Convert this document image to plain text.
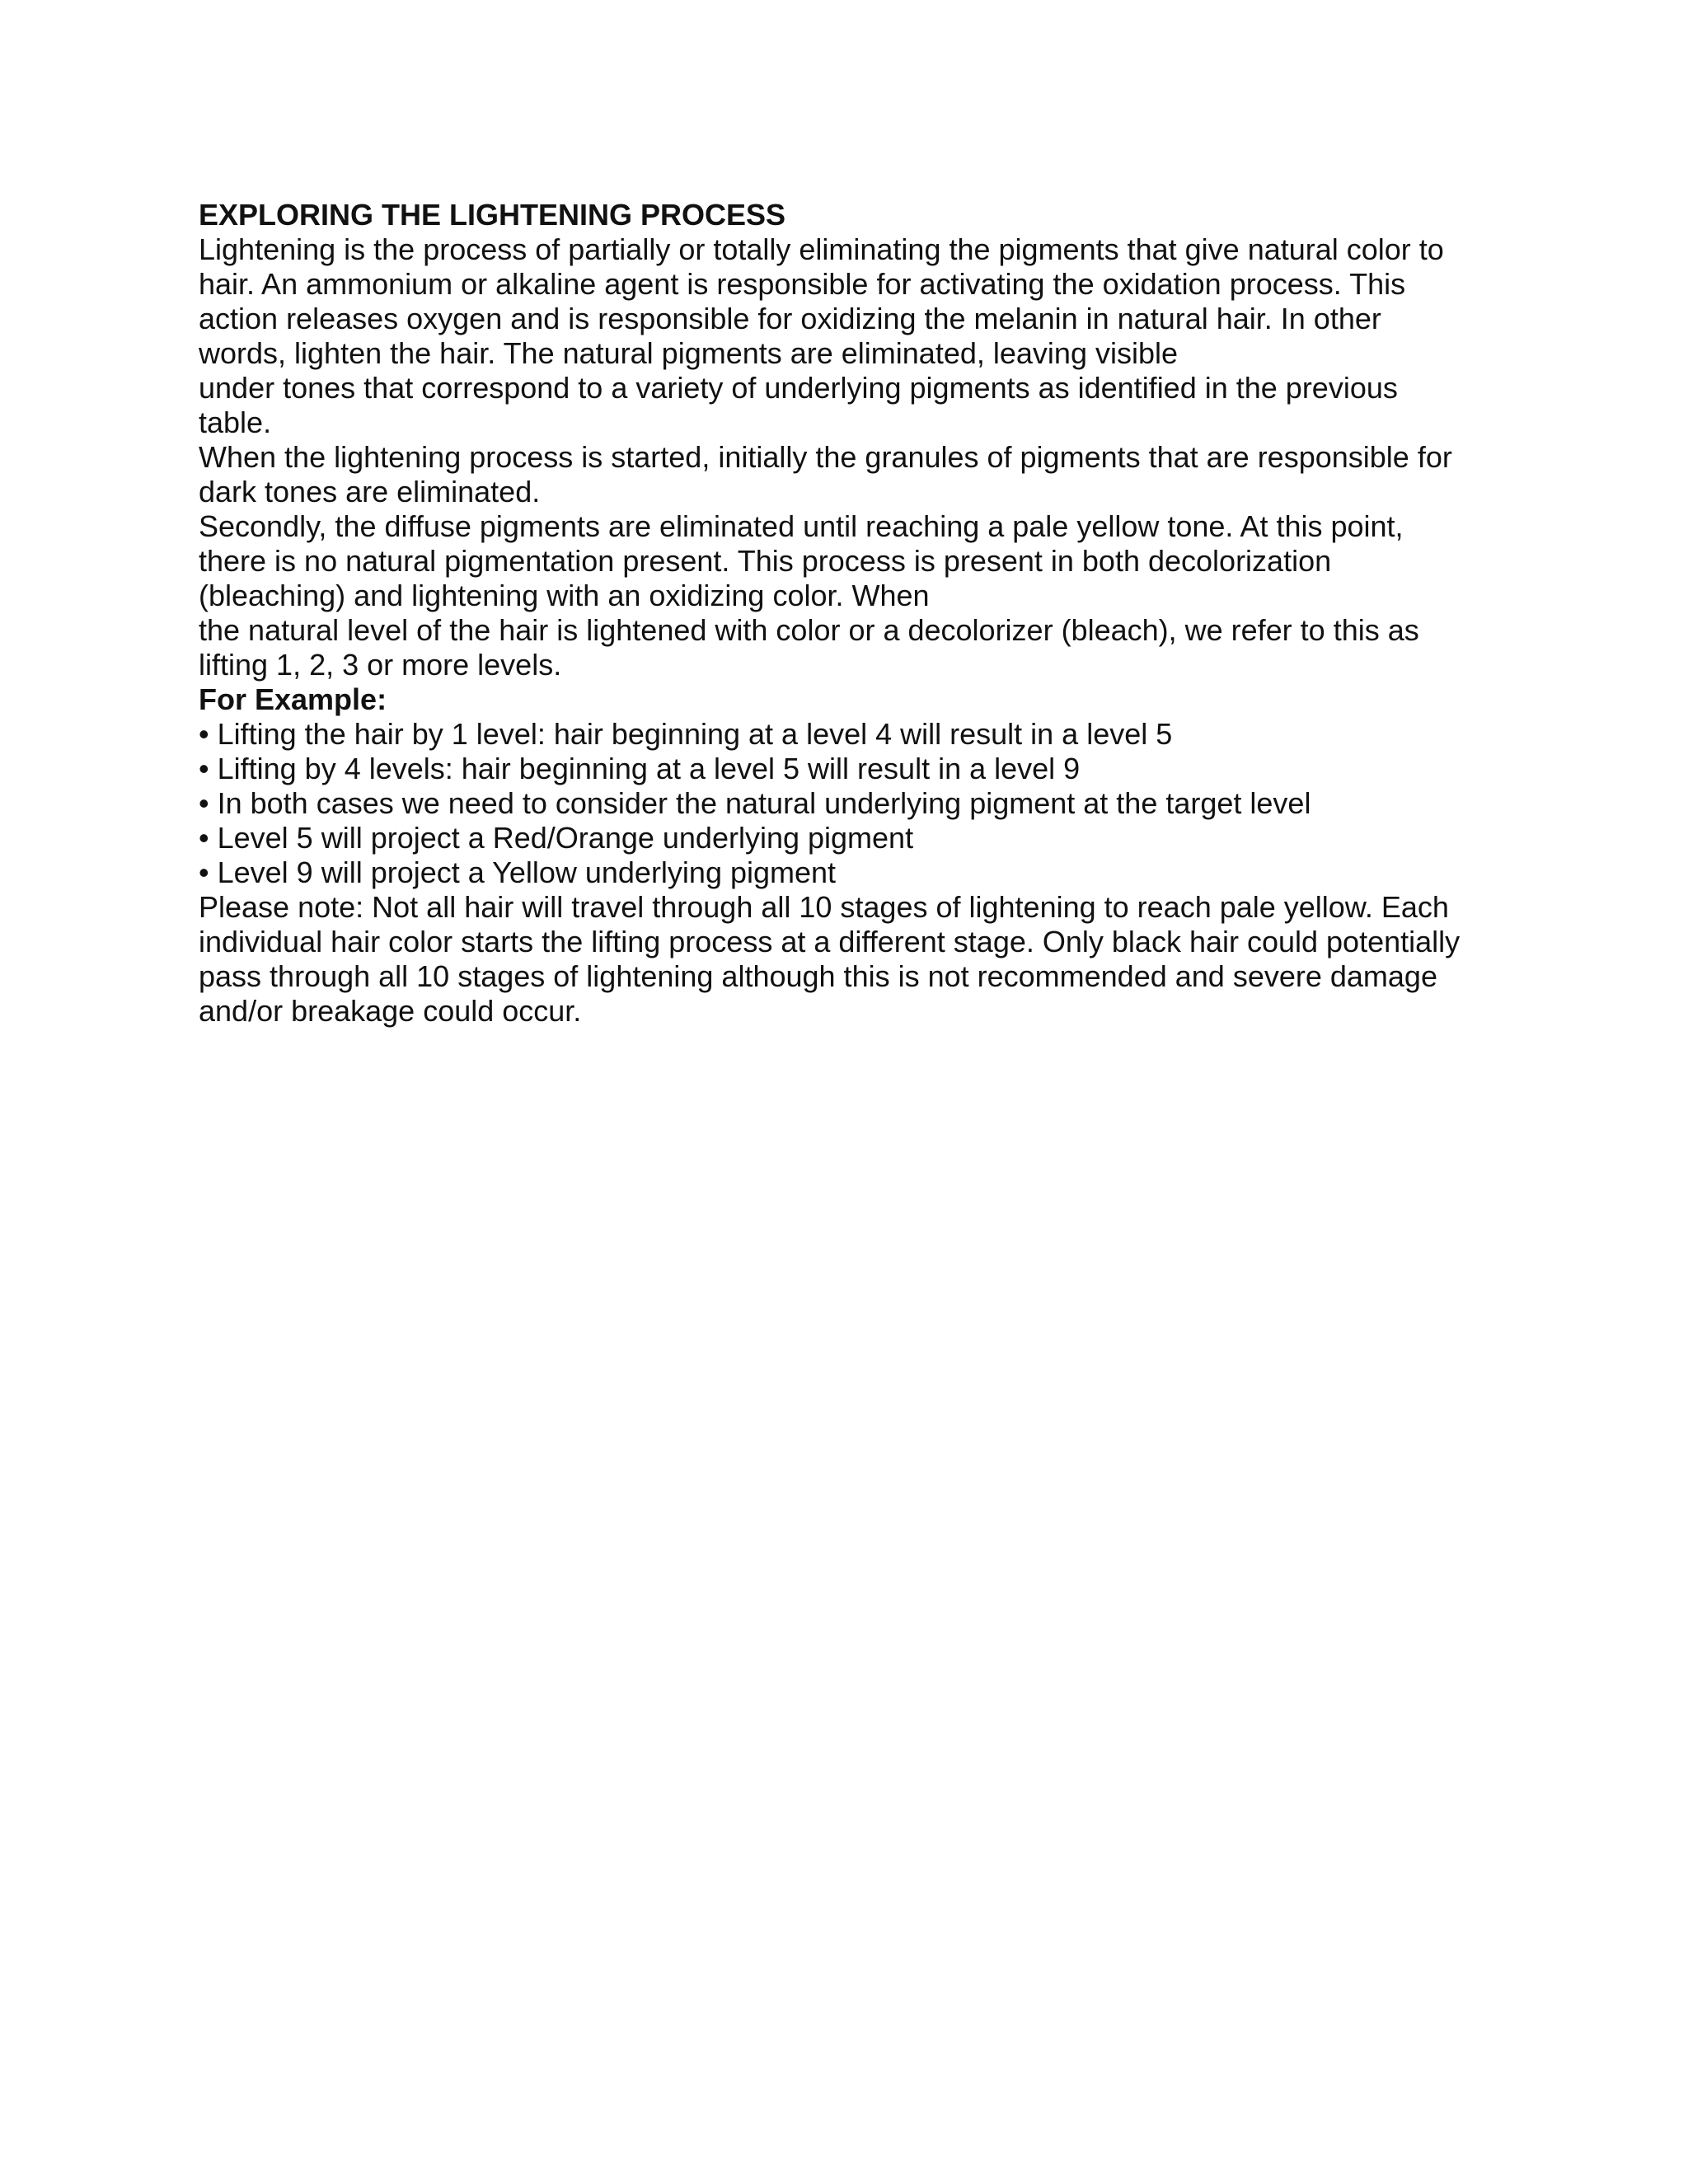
EXPLORING THE LIGHTENING PROCESS
Lightening is the process of partially or totally eliminating the pigments that give natural color to
hair. An ammonium or alkaline agent is responsible for activating the oxidation process. This
action releases oxygen and is responsible for oxidizing the melanin in natural hair. In other
words, lighten the hair. The natural pigments are eliminated, leaving visible
under tones that correspond to a variety of underlying pigments as identified in the previous
table.
When the lightening process is started, initially the granules of pigments that are responsible for
dark tones are eliminated.
Secondly, the diffuse pigments are eliminated until reaching a pale yellow tone. At this point,
there is no natural pigmentation present. This process is present in both decolorization
(bleaching) and lightening with an oxidizing color. When
the natural level of the hair is lightened with color or a decolorizer (bleach), we refer to this as
lifting 1, 2, 3 or more levels.
For Example:
• Lifting the hair by 1 level: hair beginning at a level 4 will result in a level 5
• Lifting by 4 levels: hair beginning at a level 5 will result in a level 9
• In both cases we need to consider the natural underlying pigment at the target level
• Level 5 will project a Red/Orange underlying pigment
• Level 9 will project a Yellow underlying pigment
Please note: Not all hair will travel through all 10 stages of lightening to reach pale yellow. Each
individual hair color starts the lifting process at a different stage. Only black hair could potentially
pass through all 10 stages of lightening although this is not recommended and severe damage
and/or breakage could occur.
